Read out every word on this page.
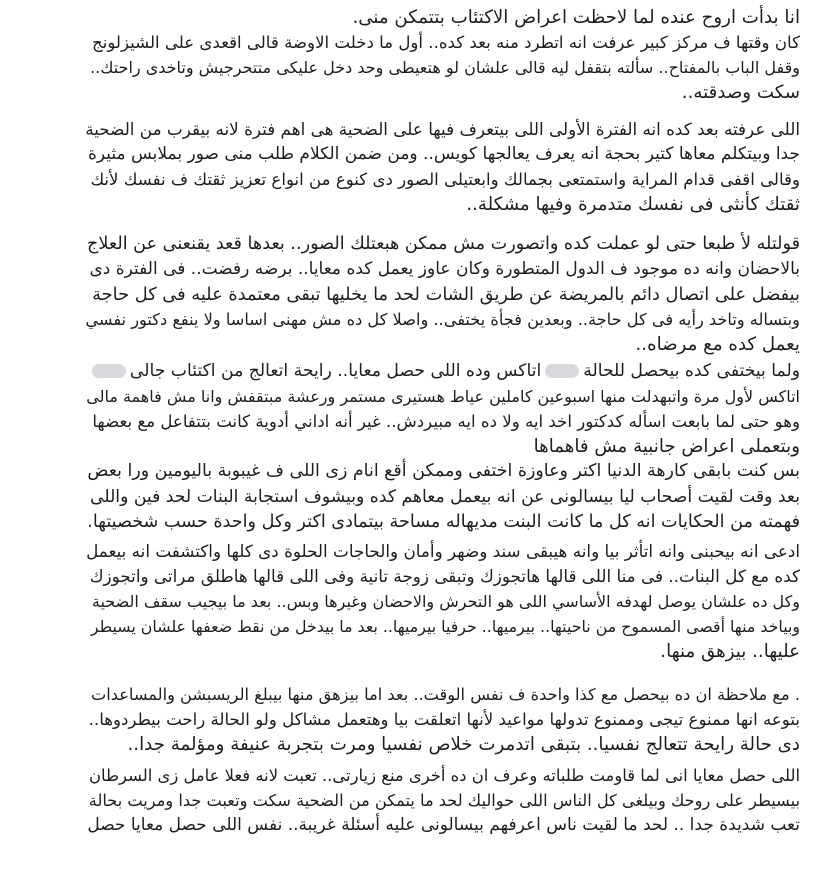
انا بدأت اروح عنده لما لاحظت اعراض الاكتئاب بتتمكن منى.
كان وقتها ف مركز كبير عرفت انه اتطرد منه بعد كده.. أول ما دخلت الاوضة قالى اقعدى على الشيزلونج
وقفل الباب بالمفتاح.. سألته بتقفل ليه قالى علشان لو هتعيطى وحد دخل عليكى متتحرجيش وتاخدى راحتك..
سكت وصدقته..
اللى عرفته بعد كده انه الفترة الأولى اللى بيتعرف فيها على الضحية هى اهم فترة لانه بيقرب من الضحية
جدا وبيتكلم معاها كتير بحجة انه يعرف يعالجها كويس.. ومن ضمن الكلام طلب منى صور بملابس مثيرة
وقالى اقفى قدام المراية واستمتعى بجمالك وابعتيلى الصور دى كنوع من انواع تعزيز ثقتك ف نفسك لأنك
ثقتك كأنثى فى نفسك متدمرة وفيها مشكلة..
قولتله لأ طبعا حتى لو عملت كده واتصورت مش ممكن هبعتلك الصور.. بعدها قعد يقنعنى عن العلاج
بالاحضان وانه ده موجود ف الدول المتطورة وكان عاوز يعمل كده معايا.. برضه رفضت.. فى الفترة دى
بيفضل على اتصال دائم بالمريضة عن طريق الشات لحد ما يخليها تبقى معتمدة عليه فى كل حاجة
وبتساله وتاخد رأيه فى كل حاجة.. وبعدين فجأة يختفى.. واصلا كل ده مش مهنى اساسا ولا ينفع دكتور نفسي
يعمل كده مع مرضاه..
ولما بيختفى كده بيحصل للحالةاتاكس وده اللى حصل معايا.. رايحة اتعالج من اكتئاب جالى
اتاكس لأول مرة واتبهدلت منها اسبوعين كاملين عياط هستيرى مستمر ورعشة مبتقفش وانا مش فاهمة مالى
وهو حتى لما بابعت اسأله كدكتور اخد ايه ولا ده ايه مبيردش.. غير أنه اداني أدوية كانت بتتفاعل مع بعضها
وبتعملى اعراض جانبية مش فاهماها
بس كنت بابقى كارهة الدنيا اكتر وعاوزة اختفى وممكن أقع انام زى اللى ف غيبوبة باليومين ورا بعض
بعد وقت لقيت أصحاب ليا بيسالونى عن انه بيعمل معاهم كده وبيشوف استجابة البنات لحد فين واللى
فهمته من الحكايات انه كل ما كانت البنت مديهاله مساحة بيتمادى اكتر وكل واحدة حسب شخصيتها.
ادعى انه بيحبنى وانه اتأثر بيا وانه هيبقى سند وضهر وأمان والحاجات الحلوة دى كلها واكتشفت انه بيعمل
كده مع كل البنات.. فى منا اللى قالها هاتجوزك وتبقى زوجة تانية وفى اللى قالها هاطلق مراتى واتجوزك
وكل ده علشان يوصل لهدفه الأساسي اللى هو التحرش والاحضان وغيرها وبس.. بعد ما بيجيب سقف الضحية
وبياخد منها أقصى المسموح من ناحيتها.. بيرميها.. حرفيا بيرميها.. بعد ما بيدخل من نقط ضعفها علشان يسيطر
عليها.. بيزهق منها.
. مع ملاحظة ان ده بيحصل مع كذا واحدة ف نفس الوقت.. بعد اما بيزهق منها بيبلغ الريسبشن والمساعدات
بتوعه انها ممنوع تيجى وممنوع تدولها مواعيد لأنها اتعلقت بيا وهتعمل مشاكل ولو الحالة راحت بيطردوها..
دى حالة رايحة تتعالج نفسيا.. بتبقى اتدمرت خلاص نفسيا ومرت بتجربة عنيفة ومؤلمة جدا..
اللى حصل معايا انى لما قاومت طلباته وعرف ان ده أخرى منع زيارتى.. تعبت لانه فعلا عامل زى السرطان
بيسيطر على روحك وبيلغى كل الناس اللى حواليك لحد ما يتمكن من الضحية سكت وتعبت جدا ومريت بحالة
تعب شديدة جدا .. لحد ما لقيت ناس اعرفهم بيسالونى عليه أسئلة غريبة.. نفس اللى حصل معايا حصل
